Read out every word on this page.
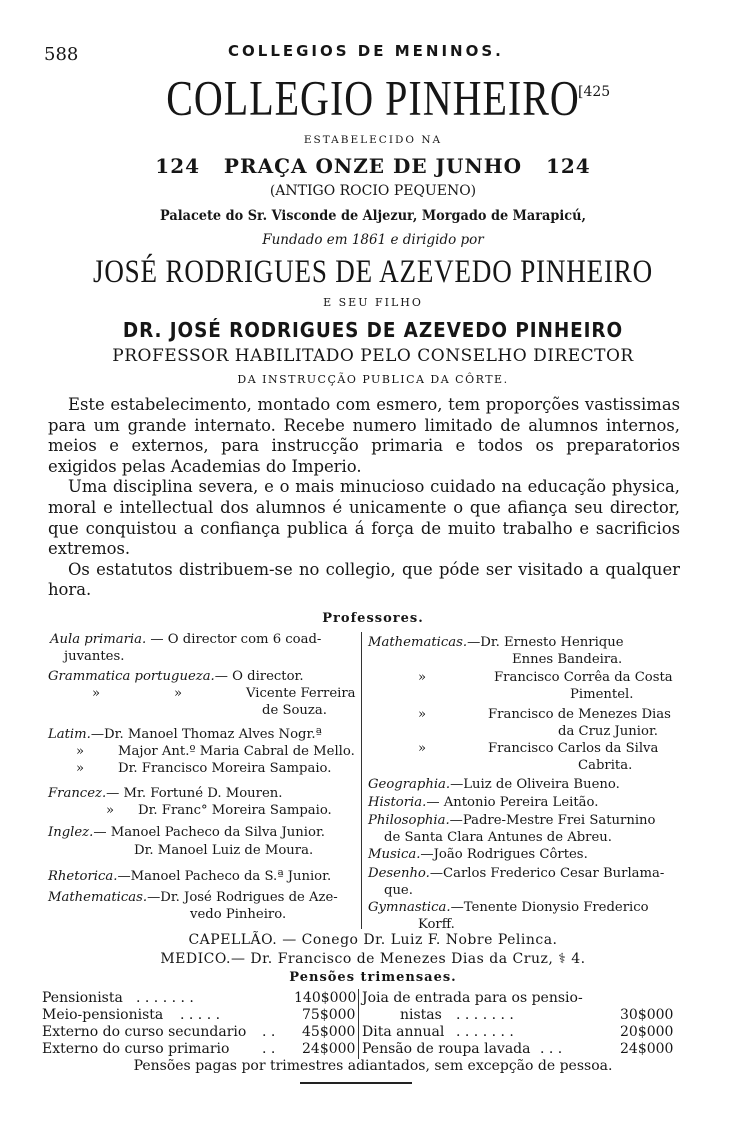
588	COLLEGIOS DE MENINOS.
COLLEGIO PINHEIRO
[425
ESTABELECIDO NA
124 PRAÇA ONZE DE JUNHO 124
(ANTIGO ROCIO PEQUENO)
Palacete do Sr. Visconde de Aljezur, Morgado de Marapicú,
Fundado em 1861 e dirigido por
JOSÉ RODRIGUES DE AZEVEDO PINHEIRO
E SEU FILHO
DR. JOSÉ RODRIGUES DE AZEVEDO PINHEIRO
PROFESSOR HABILITADO PELO CONSELHO DIRECTOR
DA INSTRUCÇÃO PUBLICA DA CÔRTE.

Este estabelecimento, montado com esmero, tem proporções vastissimas para um grande internato. Recebe numero limitado de alumnos internos, meios e externos, para instrucção primaria e todos os preparatorios exigidos pelas Academias do Imperio.

Uma disciplina severa, e o mais minucioso cuidado na educação physica, moral e intellectual dos alumnos é unicamente o que afiança seu director, que conquistou a confiança publica á força de muito trabalho e sacrificios extremos.

Os estatutos distribuem-se no collegio, que póde ser visitado a qualquer hora.

Professores.
Aula primaria. — O director com 6 coad-
juvantes.
Grammatica portugueza.— O director.
»	»	Vicente Ferreira
de Souza.
Latim.—Dr. Manoel Thomaz Alves Nogr.ª
»	Major Ant.º Maria Cabral de Mello.
»	Dr. Francisco Moreira Sampaio.
Francez.— Mr. Fortuné D. Mouren.
» Dr. Franc° Moreira Sampaio.
Inglez.— Manoel Pacheco da Silva Junior.
Dr. Manoel Luiz de Moura.
Rhetorica.—Manoel Pacheco da S.ª Junior.
Mathematicas.—Dr. José Rodrigues de Aze-
vedo Pinheiro.
Mathematicas.—Dr. Ernesto Henrique
Ennes Bandeira.
»	Francisco Corrêa da Costa
Pimentel.
»	Francisco de Menezes Dias
da Cruz Junior.
»	Francisco Carlos da Silva
Cabrita.
Geographia.—Luiz de Oliveira Bueno.
Historia.— Antonio Pereira Leitão.
Philosophia.—Padre-Mestre Frei Saturnino
de Santa Clara Antunes de Abreu.
Musica.—João Rodrigues Côrtes.
Desenho.—Carlos Frederico Cesar Burlama-
que.
Gymnastica.—Tenente Dionysio Frederico
Korff.
CAPELLÃO. — Conego Dr. Luiz F. Nobre Pelinca.
MEDICO.— Dr. Francisco de Menezes Dias da Cruz, ⚕ 4.
Pensões trimensaes.
Pensionista . . . . . . .	140$000
Meio-pensionista . . . . .	75$000
Externo do curso secundario . . 45$000
Externo do curso primario . . 24$000
Joia de entrada para os pensio-
nistas . . . . . . .	30$000
Dita annual . . . . . . .	20$000
Pensão de roupa lavada . . .	24$000
Pensões pagas por trimestres adiantados, sem excepção de pessoa.
